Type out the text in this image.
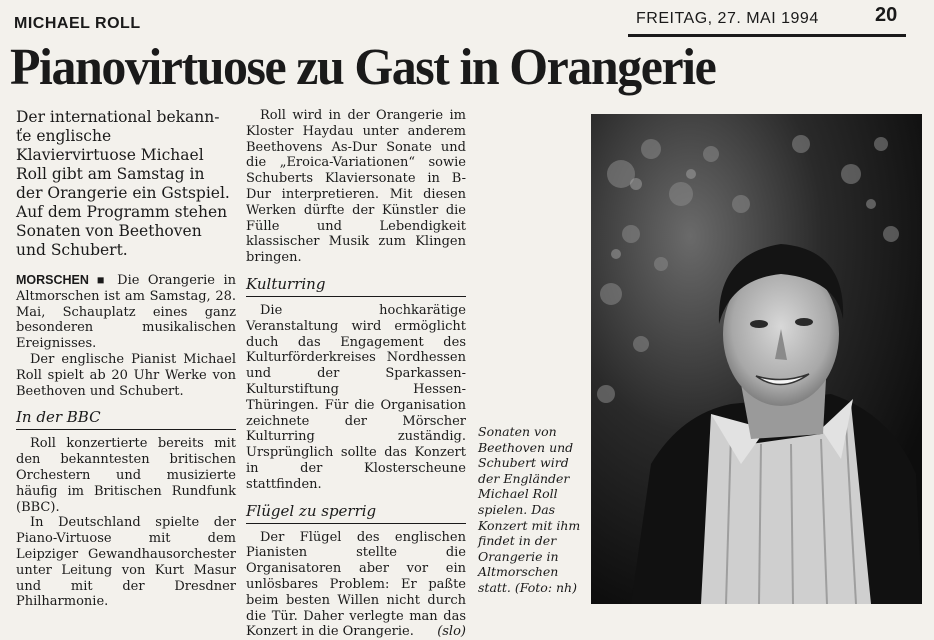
MICHAEL ROLL	FREITAG, 27. MAI 1994	20
Pianovirtuose zu Gast in Orangerie
Der international bekann-ťe englische Klaviervirtuose Michael Roll gibt am Samstag in der Orangerie ein Gstspiel. Auf dem Programm stehen Sonaten von Beethoven und Schubert.

MORSCHEN ■ Die Orangerie in Altmorschen ist am Samstag, 28. Mai, Schauplatz eines ganz besonderen musikalischen Ereignisses.

Der englische Pianist Michael Roll spielt ab 20 Uhr Werke von Beethoven und Schubert.

In der BBC

Roll konzertierte bereits mit den bekanntesten britischen Orchestern und musizierte häufig im Britischen Rundfunk (BBC).

In Deutschland spielte der Piano-Virtuose mit dem Leipziger Gewandhausorchester unter Leitung von Kurt Masur und mit der Dresdner Philharmonie.

Roll wird in der Orangerie im Kloster Haydau unter anderem Beethovens As-Dur Sonate und die „Eroica-Variationen“ sowie Schuberts Klaviersonate in B-Dur interpretieren. Mit diesen Werken dürfte der Künstler die Fülle und Lebendigkeit klassischer Musik zum Klingen bringen.

Kulturring

Die hochkarätige Veranstaltung wird ermöglicht duch das Engagement des Kulturförderkreises Nordhessen und der Sparkassen-Kulturstiftung Hessen-Thüringen. Für die Organisation zeichnete der Mörscher Kulturring zuständig. Ursprünglich sollte das Konzert in der Klosterscheune stattfinden.

Flügel zu sperrig

Der Flügel des englischen Pianisten stellte die Organisatoren aber vor ein unlösbares Problem: Er paßte beim besten Willen nicht durch die Tür. Daher verlegte man das Konzert in die Orangerie.	(slo)

Sonaten von Beethoven und Schubert wird der Engländer Michael Roll spielen. Das Konzert mit ihm findet in der Orangerie in Altmorschen statt. (Foto: nh)
